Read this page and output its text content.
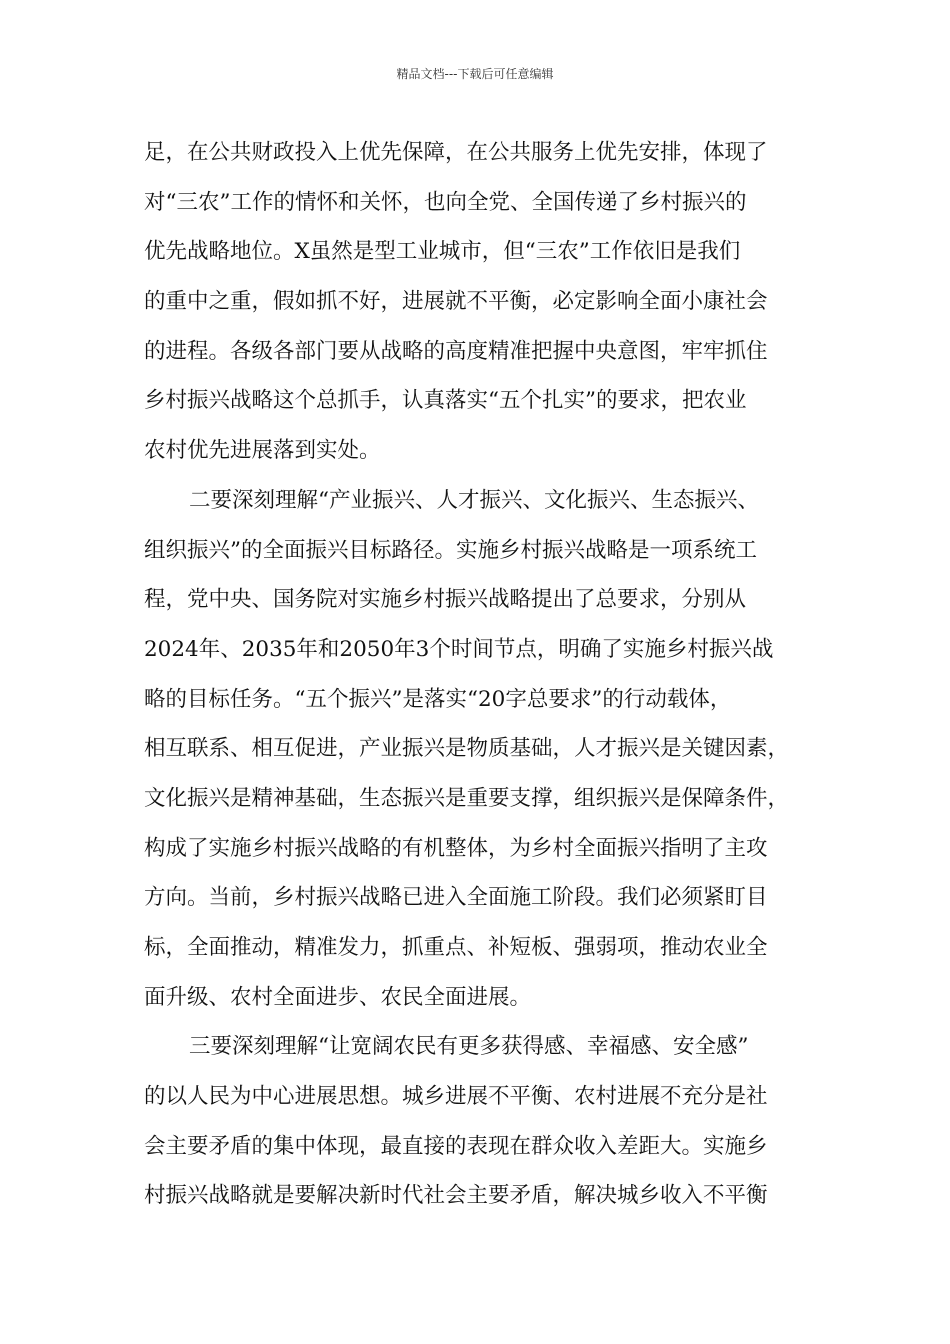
精品文档---下载后可任意编辑
足，在公共财政投入上优先保障，在公共服务上优先安排，体现了
对“三农”工作的情怀和关怀，也向全党、全国传递了乡村振兴的
优先战略地位。X虽然是型工业城市，但“三农”工作依旧是我们
的重中之重，假如抓不好，进展就不平衡，必定影响全面小康社会
的进程。各级各部门要从战略的高度精准把握中央意图，牢牢抓住
乡村振兴战略这个总抓手，认真落实“五个扎实”的要求，把农业
农村优先进展落到实处。
二要深刻理解“产业振兴、人才振兴、文化振兴、生态振兴、
组织振兴”的全面振兴目标路径。实施乡村振兴战略是一项系统工
程，党中央、国务院对实施乡村振兴战略提出了总要求，分别从
2024年、2035年和2050年3个时间节点，明确了实施乡村振兴战
略的目标任务。“五个振兴”是落实“20字总要求”的行动载体，
相互联系、相互促进，产业振兴是物质基础，人才振兴是关键因素，
文化振兴是精神基础，生态振兴是重要支撑，组织振兴是保障条件，
构成了实施乡村振兴战略的有机整体，为乡村全面振兴指明了主攻
方向。当前，乡村振兴战略已进入全面施工阶段。我们必须紧盯目
标，全面推动，精准发力，抓重点、补短板、强弱项，推动农业全
面升级、农村全面进步、农民全面进展。
三要深刻理解“让宽阔农民有更多获得感、幸福感、安全感”
的以人民为中心进展思想。城乡进展不平衡、农村进展不充分是社
会主要矛盾的集中体现，最直接的表现在群众收入差距大。实施乡
村振兴战略就是要解决新时代社会主要矛盾，解决城乡收入不平衡
